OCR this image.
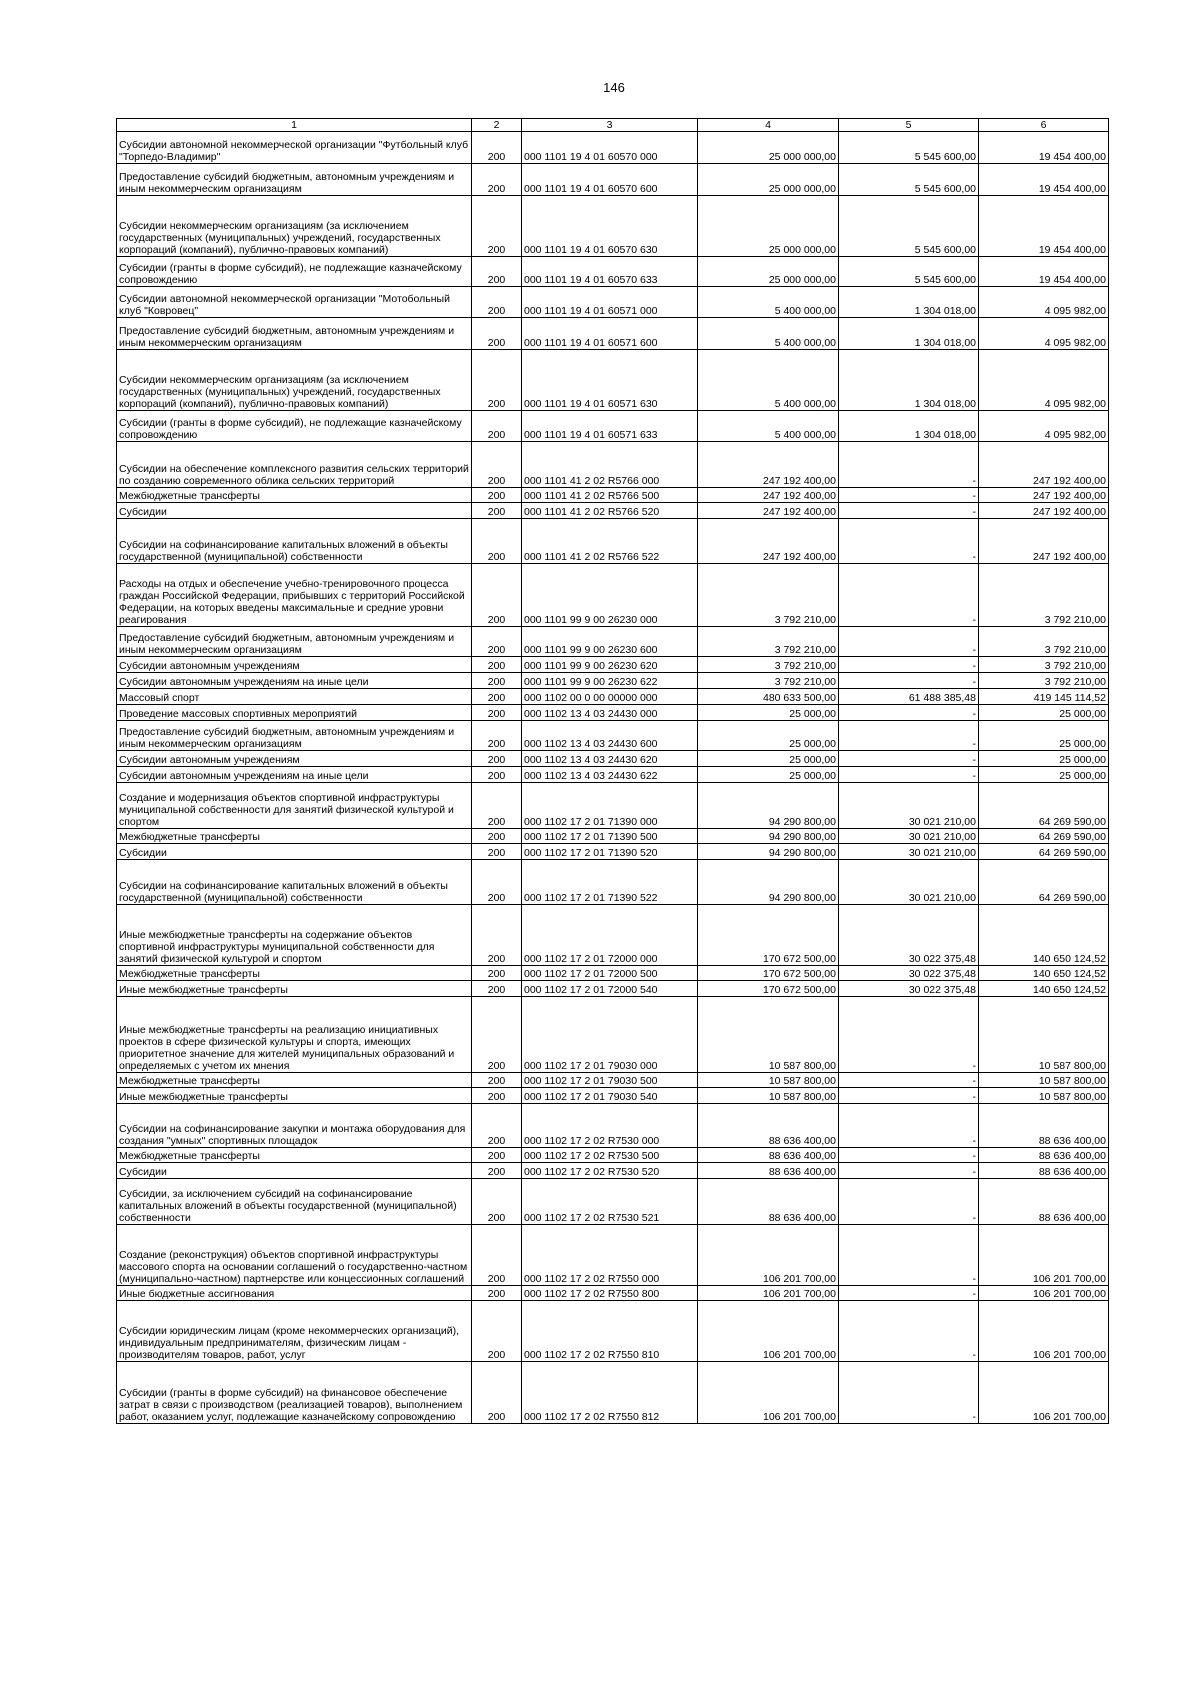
146
1	2	3	4	5	6
Субсидии автономной некоммерческой организации "Футбольный клуб "Торпедо-Владимир"	200	000 1101 19 4 01 60570 000	25 000 000,00	5 545 600,00	19 454 400,00
Предоставление субсидий бюджетным, автономным учреждениям и иным некоммерческим организациям	200	000 1101 19 4 01 60570 600	25 000 000,00	5 545 600,00	19 454 400,00
Субсидии некоммерческим организациям (за исключением государственных (муниципальных) учреждений, государственных корпораций (компаний), публично-правовых компаний)	200	000 1101 19 4 01 60570 630	25 000 000,00	5 545 600,00	19 454 400,00
Субсидии (гранты в форме субсидий), не подлежащие казначейскому сопровождению	200	000 1101 19 4 01 60570 633	25 000 000,00	5 545 600,00	19 454 400,00
Субсидии автономной некоммерческой организации "Мотобольный клуб "Ковровец"	200	000 1101 19 4 01 60571 000	5 400 000,00	1 304 018,00	4 095 982,00
Предоставление субсидий бюджетным, автономным учреждениям и иным некоммерческим организациям	200	000 1101 19 4 01 60571 600	5 400 000,00	1 304 018,00	4 095 982,00
Субсидии некоммерческим организациям (за исключением государственных (муниципальных) учреждений, государственных корпораций (компаний), публично-правовых компаний)	200	000 1101 19 4 01 60571 630	5 400 000,00	1 304 018,00	4 095 982,00
Субсидии (гранты в форме субсидий), не подлежащие казначейскому сопровождению	200	000 1101 19 4 01 60571 633	5 400 000,00	1 304 018,00	4 095 982,00
Субсидии на обеспечение комплексного развития сельских территорий по созданию современного облика сельских территорий	200	000 1101 41 2 02 R5766 000	247 192 400,00	-	247 192 400,00
Межбюджетные трансферты	200	000 1101 41 2 02 R5766 500	247 192 400,00	-	247 192 400,00
Субсидии	200	000 1101 41 2 02 R5766 520	247 192 400,00	-	247 192 400,00
Субсидии на софинансирование капитальных вложений в объекты государственной (муниципальной) собственности	200	000 1101 41 2 02 R5766 522	247 192 400,00	-	247 192 400,00
Расходы на отдых и обеспечение учебно-тренировочного процесса граждан Российской Федерации, прибывших с территорий Российской Федерации, на которых введены максимальные и средние уровни реагирования	200	000 1101 99 9 00 26230 000	3 792 210,00	-	3 792 210,00
Предоставление субсидий бюджетным, автономным учреждениям и иным некоммерческим организациям	200	000 1101 99 9 00 26230 600	3 792 210,00	-	3 792 210,00
Субсидии автономным учреждениям	200	000 1101 99 9 00 26230 620	3 792 210,00	-	3 792 210,00
Субсидии автономным учреждениям на иные цели	200	000 1101 99 9 00 26230 622	3 792 210,00	-	3 792 210,00
Массовый спорт	200	000 1102 00 0 00 00000 000	480 633 500,00	61 488 385,48	419 145 114,52
Проведение массовых спортивных мероприятий	200	000 1102 13 4 03 24430 000	25 000,00	-	25 000,00
Предоставление субсидий бюджетным, автономным учреждениям и иным некоммерческим организациям	200	000 1102 13 4 03 24430 600	25 000,00	-	25 000,00
Субсидии автономным учреждениям	200	000 1102 13 4 03 24430 620	25 000,00	-	25 000,00
Субсидии автономным учреждениям на иные цели	200	000 1102 13 4 03 24430 622	25 000,00	-	25 000,00
Создание и модернизация объектов спортивной инфраструктуры муниципальной собственности для занятий физической культурой и спортом	200	000 1102 17 2 01 71390 000	94 290 800,00	30 021 210,00	64 269 590,00
Межбюджетные трансферты	200	000 1102 17 2 01 71390 500	94 290 800,00	30 021 210,00	64 269 590,00
Субсидии	200	000 1102 17 2 01 71390 520	94 290 800,00	30 021 210,00	64 269 590,00
Субсидии на софинансирование капитальных вложений в объекты государственной (муниципальной) собственности	200	000 1102 17 2 01 71390 522	94 290 800,00	30 021 210,00	64 269 590,00
Иные межбюджетные трансферты на содержание объектов спортивной инфраструктуры муниципальной собственности для занятий физической культурой и спортом	200	000 1102 17 2 01 72000 000	170 672 500,00	30 022 375,48	140 650 124,52
Межбюджетные трансферты	200	000 1102 17 2 01 72000 500	170 672 500,00	30 022 375,48	140 650 124,52
Иные межбюджетные трансферты	200	000 1102 17 2 01 72000 540	170 672 500,00	30 022 375,48	140 650 124,52
Иные межбюджетные трансферты на реализацию инициативных проектов в сфере физической культуры и спорта, имеющих приоритетное значение для жителей муниципальных образований и определяемых с учетом их мнения	200	000 1102 17 2 01 79030 000	10 587 800,00	-	10 587 800,00
Межбюджетные трансферты	200	000 1102 17 2 01 79030 500	10 587 800,00	-	10 587 800,00
Иные межбюджетные трансферты	200	000 1102 17 2 01 79030 540	10 587 800,00	-	10 587 800,00
Субсидии на софинансирование закупки и монтажа оборудования для создания "умных" спортивных площадок	200	000 1102 17 2 02 R7530 000	88 636 400,00	-	88 636 400,00
Межбюджетные трансферты	200	000 1102 17 2 02 R7530 500	88 636 400,00	-	88 636 400,00
Субсидии	200	000 1102 17 2 02 R7530 520	88 636 400,00	-	88 636 400,00
Субсидии, за исключением субсидий на софинансирование капитальных вложений в объекты государственной (муниципальной) собственности	200	000 1102 17 2 02 R7530 521	88 636 400,00	-	88 636 400,00
Создание (реконструкция) объектов спортивной инфраструктуры массового спорта на основании соглашений о государственно-частном (муниципально-частном) партнерстве или концессионных соглашений	200	000 1102 17 2 02 R7550 000	106 201 700,00	-	106 201 700,00
Иные бюджетные ассигнования	200	000 1102 17 2 02 R7550 800	106 201 700,00	-	106 201 700,00
Субсидии юридическим лицам (кроме некоммерческих организаций), индивидуальным предпринимателям, физическим лицам - производителям товаров, работ, услуг	200	000 1102 17 2 02 R7550 810	106 201 700,00	-	106 201 700,00
Субсидии (гранты в форме субсидий) на финансовое обеспечение затрат в связи с производством (реализацией товаров), выполнением работ, оказанием услуг, подлежащие казначейскому сопровождению	200	000 1102 17 2 02 R7550 812	106 201 700,00	-	106 201 700,00
